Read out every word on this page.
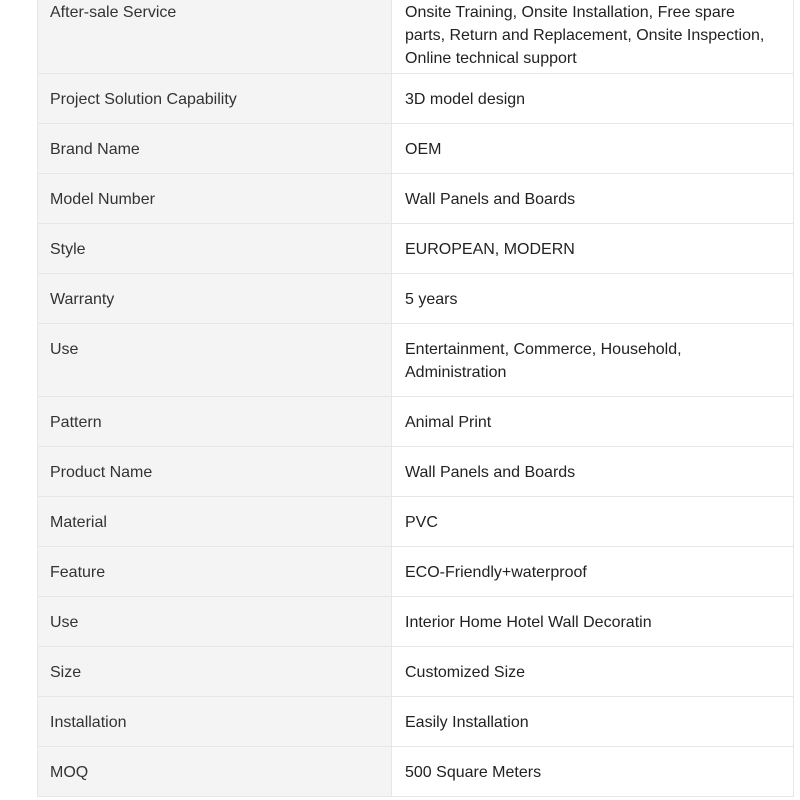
After-sale Service	Onsite Training, Onsite Installation, Free spare parts, Return and Replacement, Onsite Inspection, Online technical support

Project Solution Capability	3D model design

Brand Name	OEM

Model Number	Wall Panels and Boards

Style	EUROPEAN, MODERN

Warranty	5 years

Use	Entertainment, Commerce, Household, Administration

Pattern	Animal Print

Product Name	Wall Panels and Boards

Material	PVC

Feature	ECO-Friendly+waterproof

Use	Interior Home Hotel Wall Decoratin

Size	Customized Size

Installation	Easily Installation

MOQ	500 Square Meters
